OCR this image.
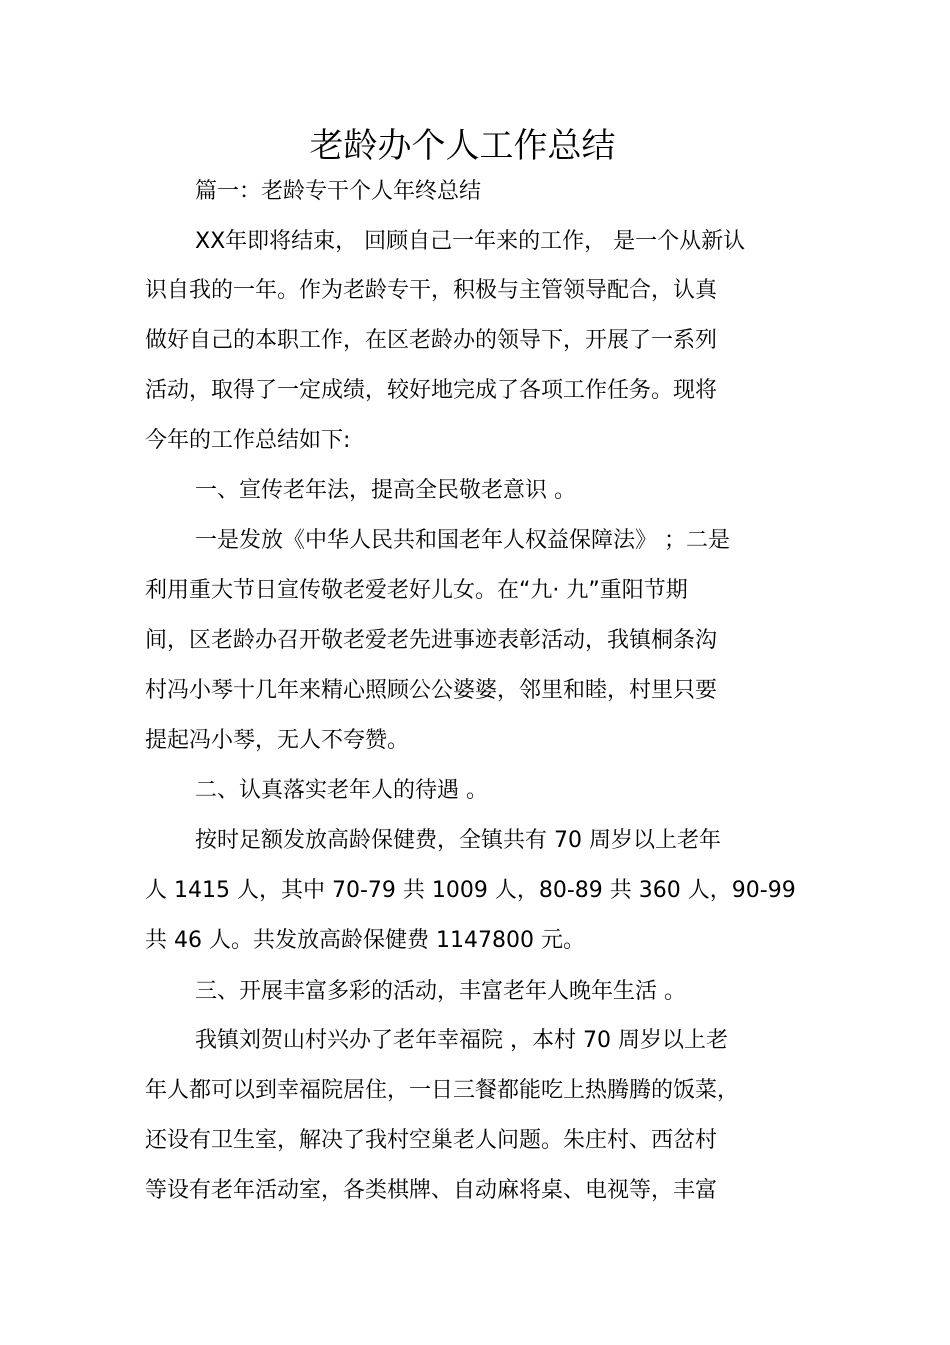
老龄办个人工作总结
篇一：老龄专干个人年终总结
XX年即将结束， 回顾自己一年来的工作， 是一个从新认
识自我的一年。作为老龄专干，积极与主管领导配合，认真
做好自己的本职工作，在区老龄办的领导下，开展了一系列
活动，取得了一定成绩，较好地完成了各项工作任务。现将
今年的工作总结如下:
一、宣传老年法，提高全民敬老意识 。
一是发放《中华人民共和国老年人权益保障法》 ；二是
利用重大节日宣传敬老爱老好儿女。在“九· 九”重阳节期
间，区老龄办召开敬老爱老先进事迹表彰活动，我镇桐条沟
村冯小琴十几年来精心照顾公公婆婆，邻里和睦，村里只要
提起冯小琴，无人不夸赞。
二、认真落实老年人的待遇 。
按时足额发放高龄保健费，全镇共有 70 周岁以上老年
人 1415 人，其中 70-79 共 1009 人，80-89 共 360 人，90-99
共 46 人。共发放高龄保健费 1147800 元。
三、开展丰富多彩的活动，丰富老年人晚年生活 。
我镇刘贺山村兴办了老年幸福院 ，本村 70 周岁以上老
年人都可以到幸福院居住，一日三餐都能吃上热腾腾的饭菜，
还设有卫生室，解决了我村空巢老人问题。朱庄村、西岔村
等设有老年活动室，各类棋牌、自动麻将桌、电视等，丰富
